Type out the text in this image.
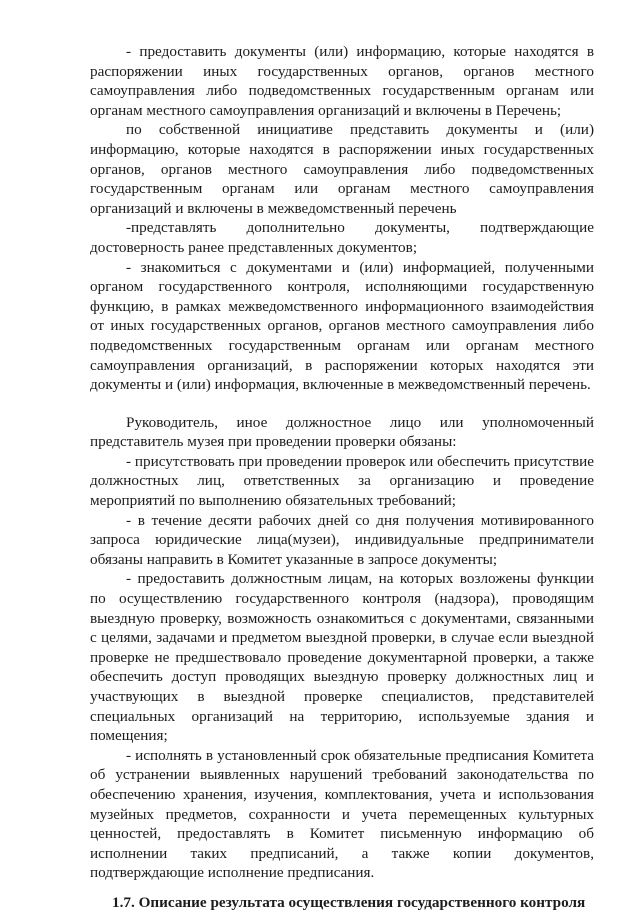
- предоставить документы (или) информацию, которые находятся в распоряжении иных государственных органов, органов местного самоуправления либо подведомственных государственным органам или органам местного самоуправления организаций и включены в Перечень;

по собственной инициативе представить документы и (или) информацию, которые находятся в распоряжении иных государственных органов, органов местного самоуправления либо подведомственных государственным органам или органам местного самоуправления организаций и включены в межведомственный перечень

-представлять дополнительно документы, подтверждающие достоверность ранее представленных документов;

- знакомиться с документами и (или) информацией, полученными органом государственного контроля, исполняющими государственную функцию, в рамках межведомственного информационного взаимодействия от иных государственных органов, органов местного самоуправления либо подведомственных государственным органам или органам местного самоуправления организаций, в распоряжении которых находятся эти документы и (или) информация, включенные в межведомственный перечень.

Руководитель, иное должностное лицо или уполномоченный представитель музея при проведении проверки обязаны:

- присутствовать при проведении проверок или обеспечить присутствие должностных лиц, ответственных за организацию и проведение мероприятий по выполнению обязательных требований;

- в течение десяти рабочих дней со дня получения мотивированного запроса юридические лица(музеи), индивидуальные предприниматели обязаны направить в Комитет указанные в запросе документы;

- предоставить должностным лицам, на которых возложены функции по осуществлению государственного контроля (надзора), проводящим выездную проверку, возможность ознакомиться с документами, связанными с целями, задачами и предметом выездной проверки, в случае если выездной проверке не предшествовало проведение документарной проверки, а также обеспечить доступ проводящих выездную проверку должностных лиц и участвующих в выездной проверке специалистов, представителей специальных организаций на территорию, используемые здания и помещения;

- исполнять в установленный срок обязательные предписания Комитета об устранении выявленных нарушений требований законодательства по обеспечению хранения, изучения, комплектования, учета и использования музейных предметов, сохранности и учета перемещенных культурных ценностей, предоставлять в Комитет письменную информацию об исполнении таких предписаний, а также копии документов, подтверждающие исполнение предписания.

1.7. Описание результата осуществления государственного контроля
